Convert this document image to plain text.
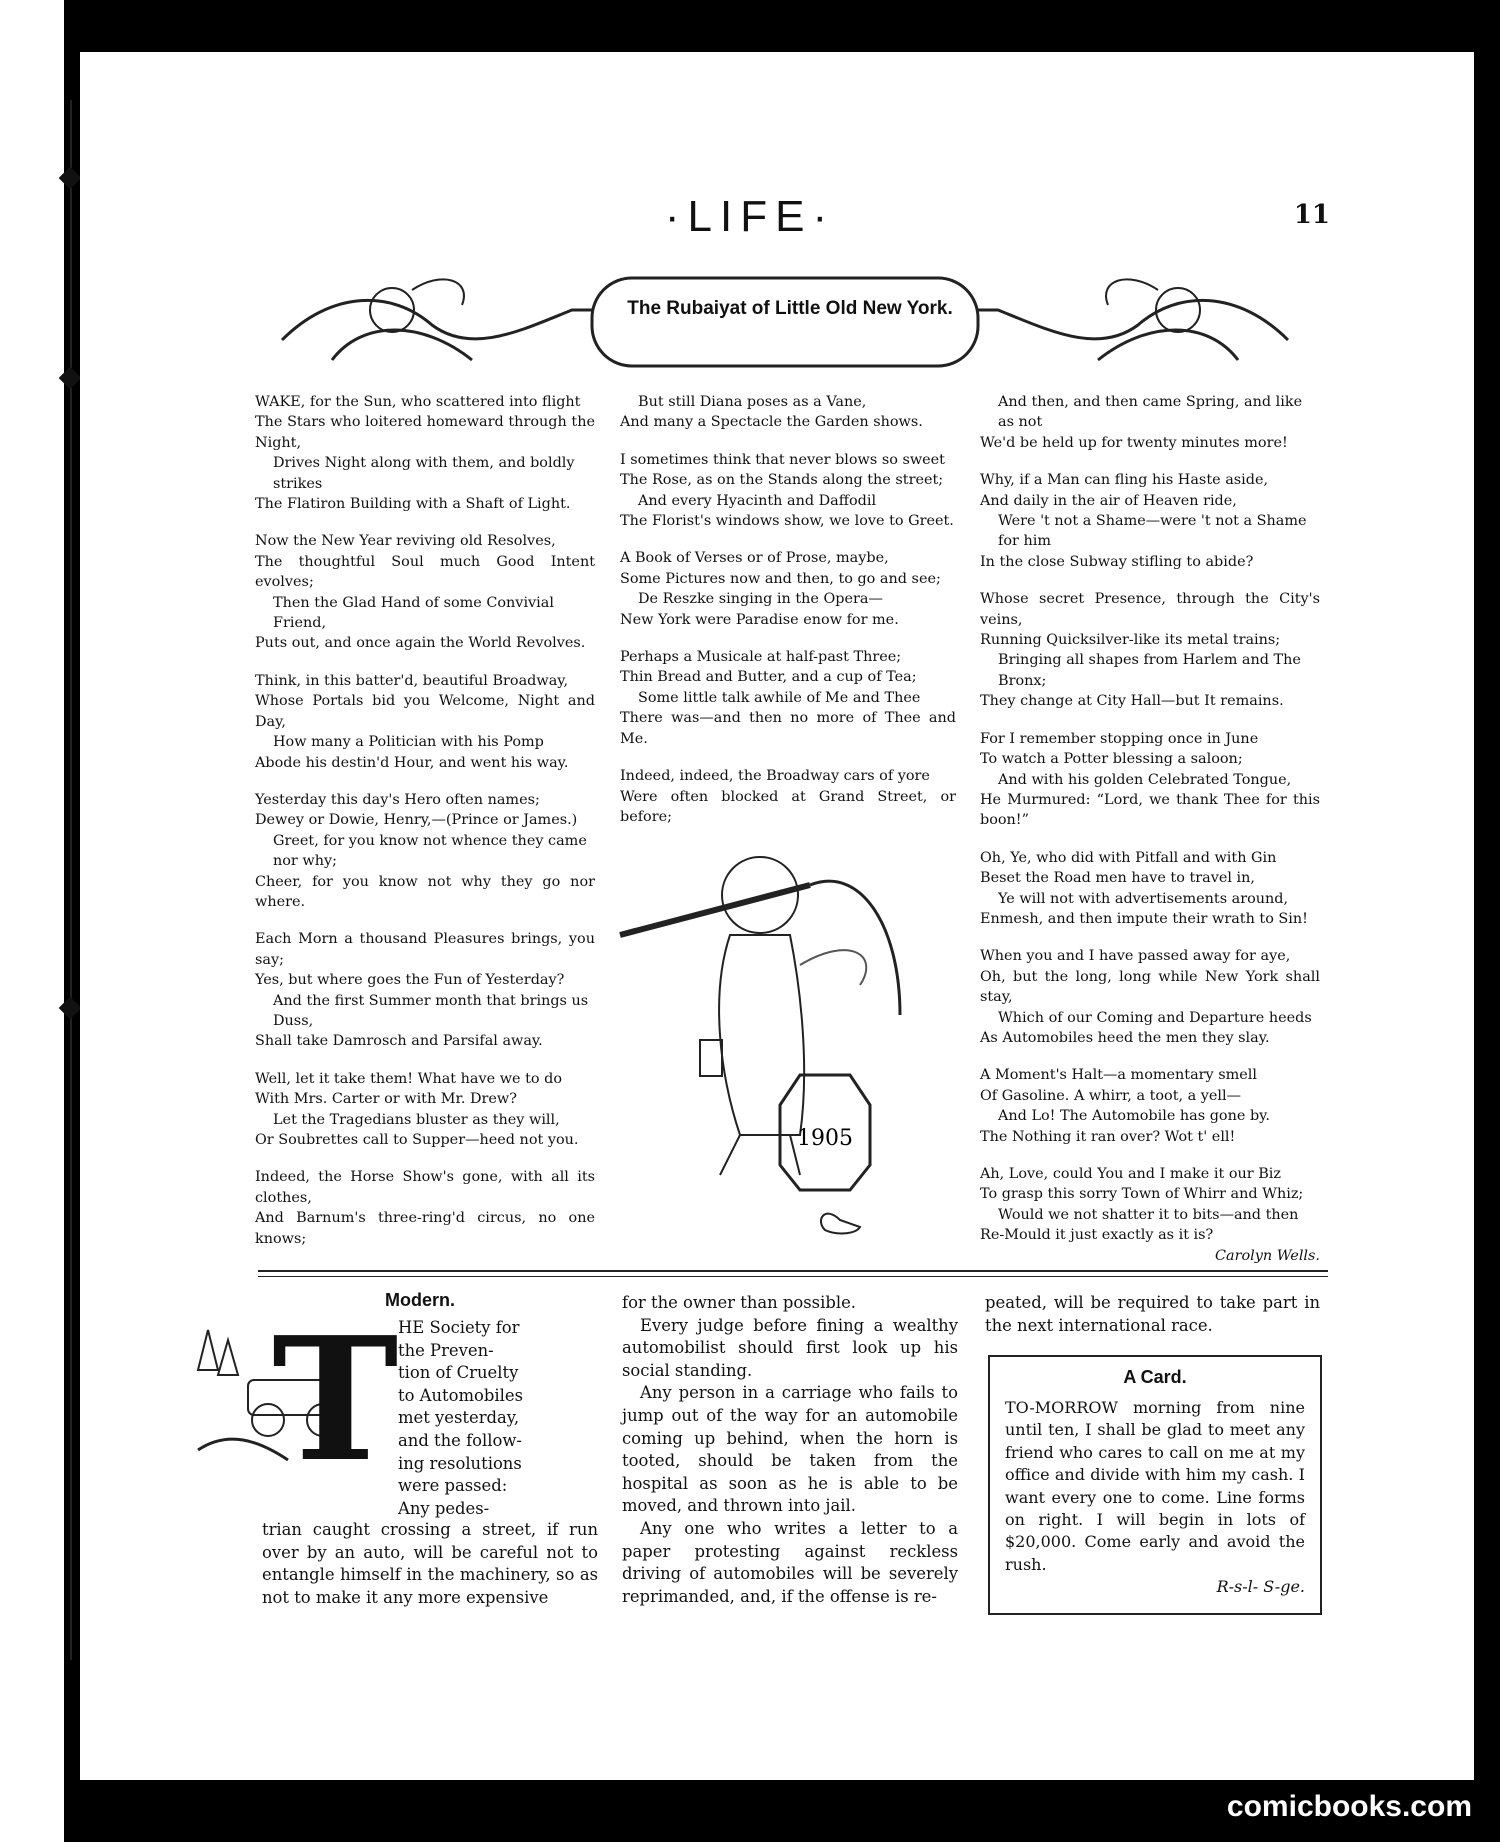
·LIFE·	11
The Rubaiyat of Little Old New York.

WAKE, for the Sun, who scattered into flight
The Stars who loitered homeward through the Night,
Drives Night along with them, and boldly strikes
The Flatiron Building with a Shaft of Light.

Now the New Year reviving old Resolves,
The thoughtful Soul much Good Intent evolves;
Then the Glad Hand of some Convivial Friend,
Puts out, and once again the World Revolves.

Think, in this batter'd, beautiful Broadway,
Whose Portals bid you Welcome, Night and Day,
How many a Politician with his Pomp
Abode his destin'd Hour, and went his way.

Yesterday this day's Hero often names;
Dewey or Dowie, Henry,—(Prince or James.)
Greet, for you know not whence they came nor why;
Cheer, for you know not why they go nor where.

Each Morn a thousand Pleasures brings, you say;
Yes, but where goes the Fun of Yesterday?
And the first Summer month that brings us Duss,
Shall take Damrosch and Parsifal away.

Well, let it take them! What have we to do
With Mrs. Carter or with Mr. Drew?
Let the Tragedians bluster as they will,
Or Soubrettes call to Supper—heed not you.

Indeed, the Horse Show's gone, with all its clothes,
And Barnum's three-ring'd circus, no one knows;

But still Diana poses as a Vane,
And many a Spectacle the Garden shows.

I sometimes think that never blows so sweet
The Rose, as on the Stands along the street;
And every Hyacinth and Daffodil
The Florist's windows show, we love to Greet.

A Book of Verses or of Prose, maybe,
Some Pictures now and then, to go and see;
De Reszke singing in the Opera—
New York were Paradise enow for me.

Perhaps a Musicale at half-past Three;
Thin Bread and Butter, and a cup of Tea;
Some little talk awhile of Me and Thee
There was—and then no more of Thee and Me.

Indeed, indeed, the Broadway cars of yore
Were often blocked at Grand Street, or before;

And then, and then came Spring, and like as not
We'd be held up for twenty minutes more!

Why, if a Man can fling his Haste aside,
And daily in the air of Heaven ride,
Were 't not a Shame—were 't not a Shame for him
In the close Subway stifling to abide?

Whose secret Presence, through the City's veins,
Running Quicksilver-like its metal trains;
Bringing all shapes from Harlem and The Bronx;
They change at City Hall—but It remains.

For I remember stopping once in June
To watch a Potter blessing a saloon;
And with his golden Celebrated Tongue,
He Murmured: “Lord, we thank Thee for this boon!”

Oh, Ye, who did with Pitfall and with Gin
Beset the Road men have to travel in,
Ye will not with advertisements around,
Enmesh, and then impute their wrath to Sin!

When you and I have passed away for aye,
Oh, but the long, long while New York shall stay,
Which of our Coming and Departure heeds
As Automobiles heed the men they slay.

A Moment's Halt—a momentary smell
Of Gasoline. A whirr, a toot, a yell—
And Lo! The Automobile has gone by.
The Nothing it ran over? Wot t' ell!

Ah, Love, could You and I make it our Biz
To grasp this sorry Town of Whirr and Whiz;
Would we not shatter it to bits—and then
Re-Mould it just exactly as it is?
Carolyn Wells.

1905
Modern.
T HE Society for
the Preven-
tion of Cruelty
to Automobiles
met yesterday,
and the follow-
ing resolutions
were passed:
Any pedes-
trian caught crossing a street, if run over by an auto, will be careful not to entangle himself in the machinery, so as not to make it any more expensive

for the owner than possible.

Every judge before fining a wealthy automobilist should first look up his social standing.

Any person in a carriage who fails to jump out of the way for an automobile coming up behind, when the horn is tooted, should be taken from the hospital as soon as he is able to be moved, and thrown into jail.

Any one who writes a letter to a paper protesting against reckless driving of automobiles will be severely reprimanded, and, if the offense is re-

peated, will be required to take part in the next international race.
A Card.
TO-MORROW morning from nine until ten, I shall be glad to meet any friend who cares to call on me at my office and divide with him my cash. I want every one to come. Line forms on right. I will begin in lots of $20,000. Come early and avoid the rush.
R-s-l- S-ge.
comicbooks.com
